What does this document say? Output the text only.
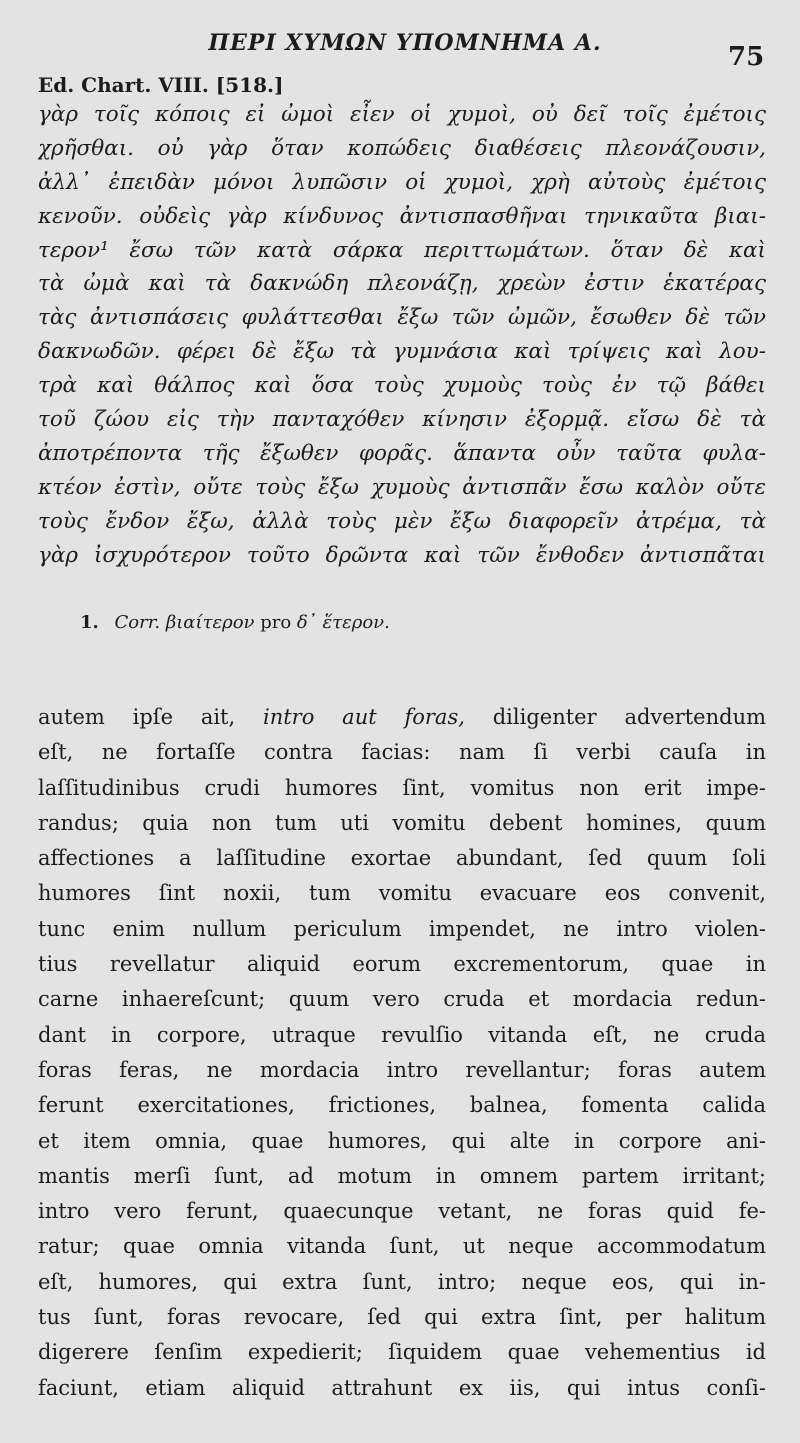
ΠΕΡΙ ΧΥΜΩΝ ΥΠΟΜΝΗΜΑ Α.	75
Ed. Chart. VIII. [518.]
γὰρ τοῖς κόποις εἰ ὠμοὶ εἶεν οἱ χυμοὶ, οὐ δεῖ τοῖς ἐμέτοις
χρῆσθαι. οὐ γὰρ ὅταν κοπώδεις διαθέσεις πλεονάζουσιν,
ἀλλ᾽ ἐπειδὰν μόνοι λυπῶσιν οἱ χυμοὶ, χρὴ αὐτοὺς ἐμέτοις
κενοῦν. οὐδεὶς γὰρ κίνδυνος ἀντισπασθῆναι τηνικαῦτα βιαι-
τερον¹ ἔσω τῶν κατὰ σάρκα περιττωμάτων. ὅταν δὲ καὶ
τὰ ὠμὰ καὶ τὰ δακνώδη πλεονάζῃ, χρεὼν ἐστιν ἑκατέρας
τὰς ἀντισπάσεις φυλάττεσθαι ἔξω τῶν ὠμῶν, ἔσωθεν δὲ τῶν
δακνωδῶν. φέρει δὲ ἔξω τὰ γυμνάσια καὶ τρίψεις καὶ λου-
τρὰ καὶ θάλπος καὶ ὅσα τοὺς χυμοὺς τοὺς ἐν τῷ βάθει
τοῦ ζώου εἰς τὴν πανταχόθεν κίνησιν ἐξορμᾷ. εἴσω δὲ τὰ
ἀποτρέποντα τῆς ἔξωθεν φορᾶς. ἅπαντα οὖν ταῦτα φυλα-
κτέον ἐστὶν, οὔτε τοὺς ἔξω χυμοὺς ἀντισπᾶν ἔσω καλὸν οὔτε
τοὺς ἔνδον ἔξω, ἀλλὰ τοὺς μὲν ἔξω διαφορεῖν ἀτρέμα, τὰ
γὰρ ἰσχυρότερον τοῦτο δρῶντα καὶ τῶν ἔνθοδεν ἀντισπᾶται
1. Corr. βιαίτερον pro δ᾽ ἕτερον.
autem ipſe ait, intro aut foras, diligenter advertendum
eſt, ne fortaſſe contra facias: nam ſi verbi cauſa in
laſſitudinibus crudi humores ſint, vomitus non erit impe-
randus; quia non tum uti vomitu debent homines, quum
affectiones a laſſitudine exortae abundant, ſed quum ſoli
humores ſint noxii, tum vomitu evacuare eos convenit,
tunc enim nullum periculum impendet, ne intro violen-
tius revellatur aliquid eorum excrementorum, quae in
carne inhaereſcunt; quum vero cruda et mordacia redun-
dant in corpore, utraque revulſio vitanda eſt, ne cruda
foras feras, ne mordacia intro revellantur; foras autem
ferunt exercitationes, frictiones, balnea, fomenta calida
et item omnia, quae humores, qui alte in corpore ani-
mantis merſi ſunt, ad motum in omnem partem irritant;
intro vero ferunt, quaecunque vetant, ne foras quid fe-
ratur; quae omnia vitanda ſunt, ut neque accommodatum
eſt, humores, qui extra ſunt, intro; neque eos, qui in-
tus ſunt, foras revocare, ſed qui extra ſint, per halitum
digerere ſenſim expedierit; ſiquidem quae vehementius id
faciunt, etiam aliquid attrahunt ex iis, qui intus conſi-
